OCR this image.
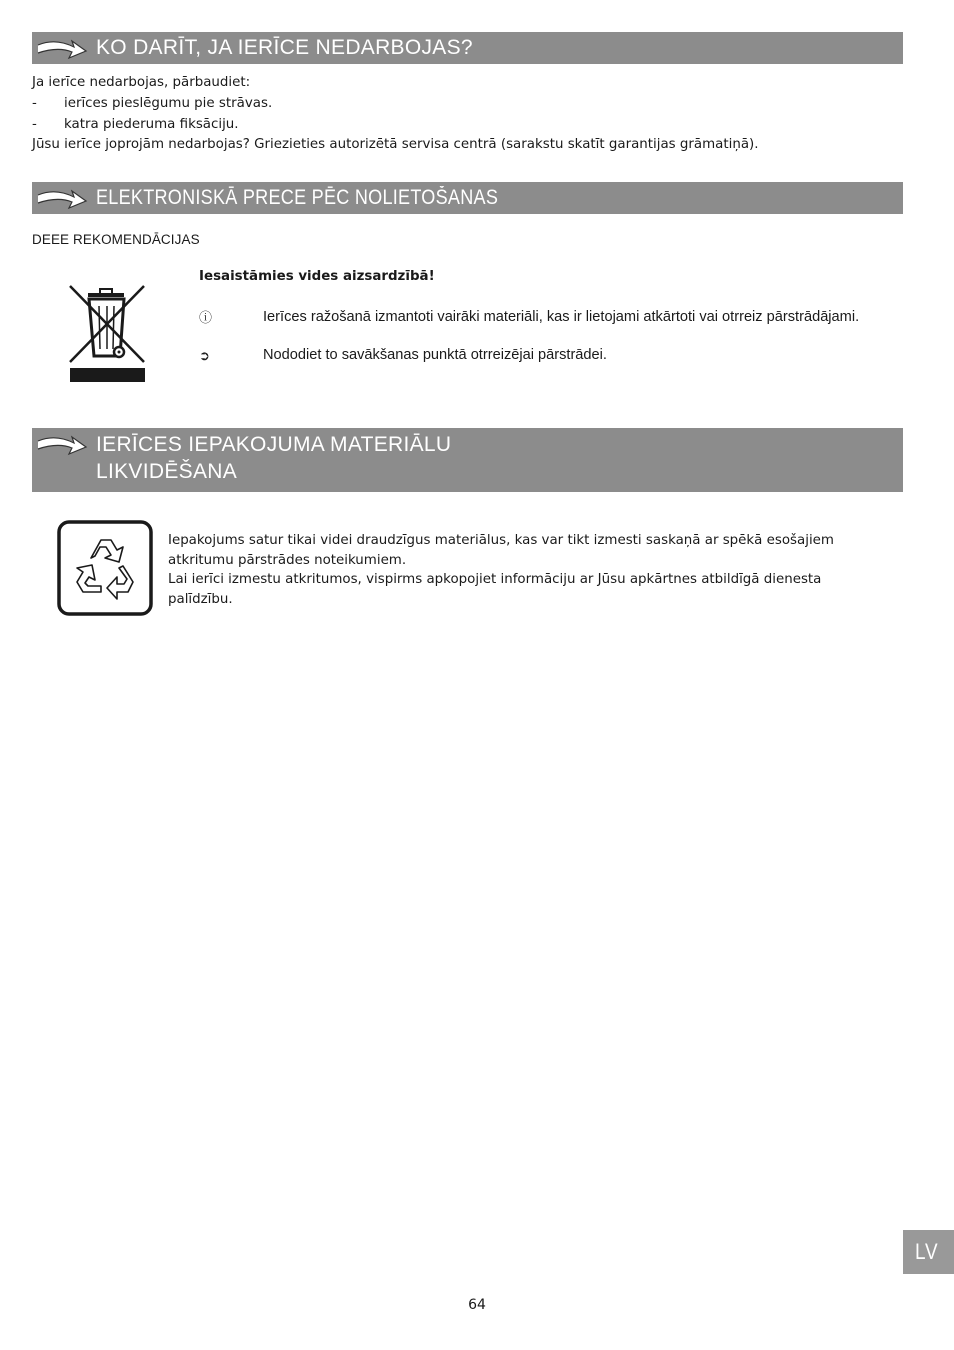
KO DARĪT, JA IERĪCE NEDARBOJAS?
Ja ierīce nedarbojas, pārbaudiet:
- ierīces pieslēgumu pie strāvas.
- katra piederuma fiksāciju.
Jūsu ierīce joprojām nedarbojas? Griezieties autorizētā servisa centrā (sarakstu skatīt garantijas grāmatiņā).
ELEKTRONISKĀ PRECE PĒC NOLIETOŠANAS
DEEE REKOMENDĀCIJAS
Iesaistāmies vides aizsardzībā!
ⓘ	Ierīces ražošanā izmantoti vairāki materiāli, kas ir lietojami atkārtoti vai otrreiz pārstrādājami.
➲	Nododiet to savākšanas punktā otrreizējai pārstrādei.
IERĪCES IEPAKOJUMA MATERIĀLU
LIKVIDĒŠANA

Iepakojums satur tikai videi draudzīgus materiālus, kas var tikt izmesti saskaņā ar spēkā esošajiem atkritumu pārstrādes noteikumiem.

Lai ierīci izmestu atkritumos, vispirms apkopojiet informāciju ar Jūsu apkārtnes atbildīgā dienesta palīdzību.

64
LV
